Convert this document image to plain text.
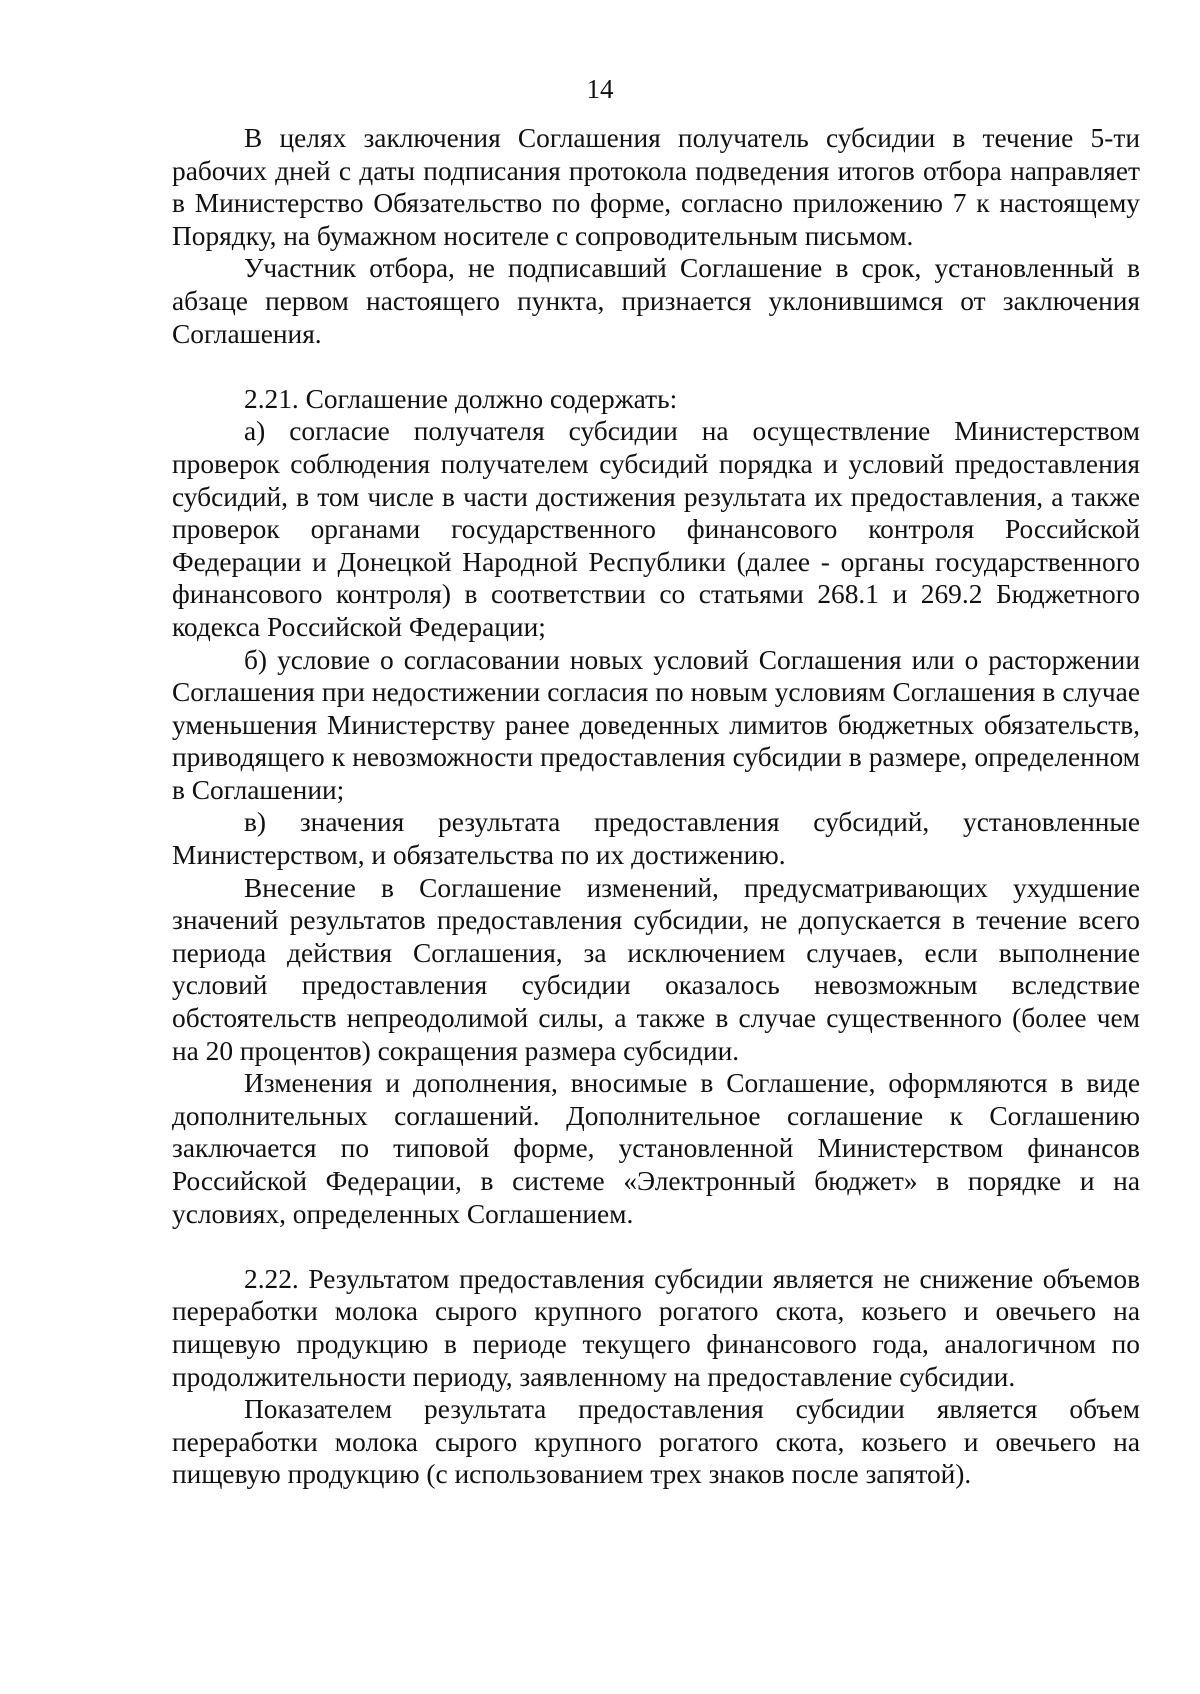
14

В целях заключения Соглашения получатель субсидии в течение 5-ти рабочих дней с даты подписания протокола подведения итогов отбора направляет в Министерство Обязательство по форме, согласно приложению 7 к настоящему Порядку, на бумажном носителе с сопроводительным письмом.

Участник отбора, не подписавший Соглашение в срок, установленный в абзаце первом настоящего пункта, признается уклонившимся от заключения Соглашения.

2.21. Соглашение должно содержать:

а) согласие получателя субсидии на осуществление Министерством проверок соблюдения получателем субсидий порядка и условий предоставления субсидий, в том числе в части достижения результата их предоставления, а также проверок органами государственного финансового контроля Российской Федерации и Донецкой Народной Республики (далее - органы государственного финансового контроля) в соответствии со статьями 268.1 и 269.2 Бюджетного кодекса Российской Федерации;

б) условие о согласовании новых условий Соглашения или о расторжении Соглашения при недостижении согласия по новым условиям Соглашения в случае уменьшения Министерству ранее доведенных лимитов бюджетных обязательств, приводящего к невозможности предоставления субсидии в размере, определенном в Соглашении;

в) значения результата предоставления субсидий, установленные Министерством, и обязательства по их достижению.

Внесение в Соглашение изменений, предусматривающих ухудшение значений результатов предоставления субсидии, не допускается в течение всего периода действия Соглашения, за исключением случаев, если выполнение условий предоставления субсидии оказалось невозможным вследствие обстоятельств непреодолимой силы, а также в случае существенного (более чем на 20 процентов) сокращения размера субсидии.

Изменения и дополнения, вносимые в Соглашение, оформляются в виде дополнительных соглашений. Дополнительное соглашение к Соглашению заключается по типовой форме, установленной Министерством финансов Российской Федерации, в системе «Электронный бюджет» в порядке и на условиях, определенных Соглашением.

2.22. Результатом предоставления субсидии является не снижение объемов переработки молока сырого крупного рогатого скота, козьего и овечьего на пищевую продукцию в периоде текущего финансового года, аналогичном по продолжительности периоду, заявленному на предоставление субсидии.

Показателем результата предоставления субсидии является объем переработки молока сырого крупного рогатого скота, козьего и овечьего на пищевую продукцию (с использованием трех знаков после запятой).
